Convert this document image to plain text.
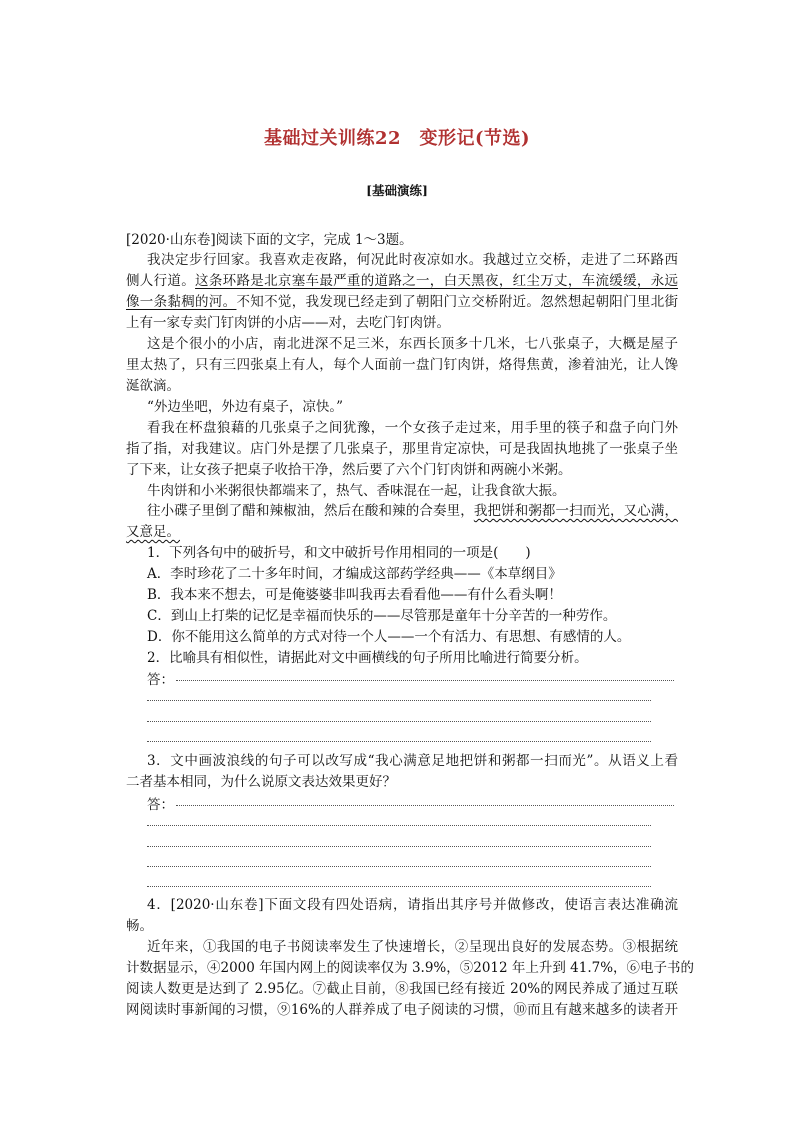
基础过关训练22　变形记(节选)
[基础演练]
[2020·山东卷]阅读下面的文字，完成 1～3题。
我决定步行回家。我喜欢走夜路，何况此时夜凉如水。我越过立交桥，走进了二环路西
侧人行道。这条环路是北京塞车最严重的道路之一，白天黑夜，红尘万丈，车流缓缓，永远
像一条黏稠的河。不知不觉，我发现已经走到了朝阳门立交桥附近。忽然想起朝阳门里北街
上有一家专卖门钉肉饼的小店——对，去吃门钉肉饼。
这是个很小的小店，南北进深不足三米，东西长顶多十几米，七八张桌子，大概是屋子
里太热了，只有三四张桌上有人，每个人面前一盘门钉肉饼，烙得焦黄，渗着油光，让人馋
涎欲滴。
“外边坐吧，外边有桌子，凉快。”
看我在杯盘狼藉的几张桌子之间犹豫，一个女孩子走过来，用手里的筷子和盘子向门外
指了指，对我建议。店门外是摆了几张桌子，那里肯定凉快，可是我固执地挑了一张桌子坐
了下来，让女孩子把桌子收拾干净，然后要了六个门钉肉饼和两碗小米粥。
牛肉饼和小米粥很快都端来了，热气、香味混在一起，让我食欲大振。
往小碟子里倒了醋和辣椒油，然后在酸和辣的合奏里，我把饼和粥都一扫而光，又心满，
又意足。
1．下列各句中的破折号，和文中破折号作用相同的一项是(　　)
A．李时珍花了二十多年时间，才编成这部药学经典——《本草纲目》
B．我本来不想去，可是俺婆婆非叫我再去看看他——有什么看头啊！
C．到山上打柴的记忆是幸福而快乐的——尽管那是童年十分辛苦的一种劳作。
D．你不能用这么简单的方式对待一个人——一个有活力、有思想、有感情的人。
2．比喻具有相似性，请据此对文中画横线的句子所用比喻进行简要分析。
答：
3．文中画波浪线的句子可以改写成“我心满意足地把饼和粥都一扫而光”。从语义上看
二者基本相同，为什么说原文表达效果更好？
答：
4．[2020·山东卷]下面文段有四处语病，请指出其序号并做修改，使语言表达准确流
畅。
近年来，①我国的电子书阅读率发生了快速增长，②呈现出良好的发展态势。③根据统
计数据显示，④2000 年国内网上的阅读率仅为 3.9%，⑤2012 年上升到 41.7%，⑥电子书的
阅读人数更是达到了 2.95亿。⑦截止目前，⑧我国已经有接近 20%的网民养成了通过互联
网阅读时事新闻的习惯，⑨16%的人群养成了电子阅读的习惯，⑩而且有越来越多的读者开
